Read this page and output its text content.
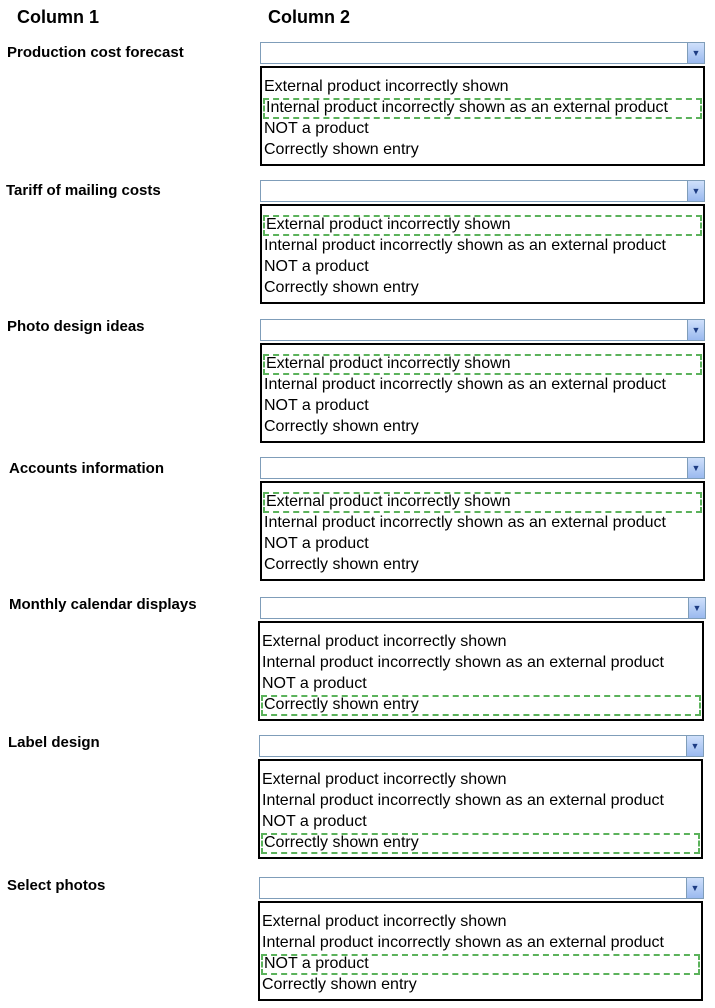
Column 1	Column 2
Production cost forecast	▼
External product incorrectly shown
Internal product incorrectly shown as an external product
NOT a product
Correctly shown entry
Tariff of mailing costs	▼
External product incorrectly shown
Internal product incorrectly shown as an external product
NOT a product
Correctly shown entry
Photo design ideas	▼
External product incorrectly shown
Internal product incorrectly shown as an external product
NOT a product
Correctly shown entry
Accounts information	▼
External product incorrectly shown
Internal product incorrectly shown as an external product
NOT a product
Correctly shown entry
Monthly calendar displays	▼
External product incorrectly shown
Internal product incorrectly shown as an external product
NOT a product
Correctly shown entry
Label design	▼
External product incorrectly shown
Internal product incorrectly shown as an external product
NOT a product
Correctly shown entry
Select photos	▼
External product incorrectly shown
Internal product incorrectly shown as an external product
NOT a product
Correctly shown entry
